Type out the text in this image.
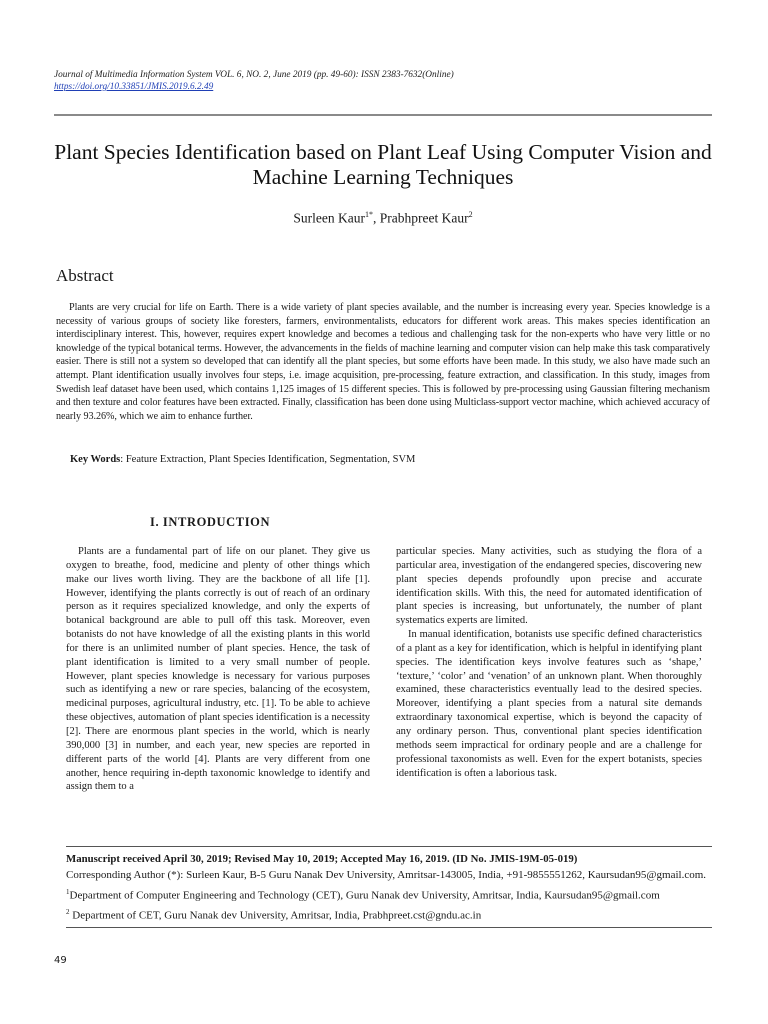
Journal of Multimedia Information System VOL. 6, NO. 2, June 2019 (pp. 49-60): ISSN 2383-7632(Online)
https://doi.org/10.33851/JMIS.2019.6.2.49
Plant Species Identification based on Plant Leaf Using Computer Vision and Machine Learning Techniques
Surleen Kaur$^{1*}$, Prabhpreet Kaur$^2$
Abstract
Plants are very crucial for life on Earth. There is a wide variety of plant species available, and the number is increasing every year. Species knowledge is a necessity of various groups of society like foresters, farmers, environmentalists, educators for different work areas. This makes species identification an interdisciplinary interest. This, however, requires expert knowledge and becomes a tedious and challenging task for the non-experts who have very little or no knowledge of the typical botanical terms. However, the advancements in the fields of machine learning and computer vision can help make this task comparatively easier. There is still not a system so developed that can identify all the plant species, but some efforts have been made. In this study, we also have made such an attempt. Plant identification usually involves four steps, i.e. image acquisition, pre-processing, feature extraction, and classification. In this study, images from Swedish leaf dataset have been used, which contains 1,125 images of 15 different species. This is followed by pre-processing using Gaussian filtering mechanism and then texture and color features have been extracted. Finally, classification has been done using Multiclass-support vector machine, which achieved accuracy of nearly 93.26%, which we aim to enhance further.
Key Words: Feature Extraction, Plant Species Identification, Segmentation, SVM
I. INTRODUCTION

Plants are a fundamental part of life on our planet. They give us oxygen to breathe, food, medicine and plenty of other things which make our lives worth living. They are the backbone of all life [1]. However, identifying the plants correctly is out of reach of an ordinary person as it requires specialized knowledge, and only the experts of botanical background are able to pull off this task. Moreover, even botanists do not have knowledge of all the existing plants in this world for there is an unlimited number of plant species. Hence, the task of plant identification is limited to a very small number of people. However, plant species knowledge is necessary for various purposes such as identifying a new or rare species, balancing of the ecosystem, medicinal purposes, agricultural industry, etc. [1]. To be able to achieve these objectives, automation of plant species identification is a necessity [2]. There are enormous plant species in the world, which is nearly 390,000 [3] in number, and each year, new species are reported in different parts of the world [4]. Plants are very different from one another, hence requiring in-depth taxonomic knowledge to identify and assign them to a

particular species. Many activities, such as studying the flora of a particular area, investigation of the endangered species, discovering new plant species depends profoundly upon precise and accurate identification skills. With this, the need for automated identification of plant species is increasing, but unfortunately, the number of plant systematics experts are limited.

In manual identification, botanists use specific defined characteristics of a plant as a key for identification, which is helpful in identifying plant species. The identification keys involve features such as ‘shape,’ ‘texture,’ ‘color’ and ‘venation’ of an unknown plant. When thoroughly examined, these characteristics eventually lead to the desired species. Moreover, identifying a plant species from a natural site demands extraordinary taxonomical expertise, which is beyond the capacity of any ordinary person. Thus, conventional plant species identification methods seem impractical for ordinary people and are a challenge for professional taxonomists as well. Even for the expert botanists, species identification is often a laborious task.

Manuscript received April 30, 2019; Revised May 10, 2019; Accepted May 16, 2019. (ID No. JMIS-19M-05-019)
Corresponding Author (*): Surleen Kaur, B-5 Guru Nanak Dev University, Amritsar-143005, India, +91-9855551262, Kaursudan95@gmail.com.
$^1$Department of Computer Engineering and Technology (CET), Guru Nanak dev University, Amritsar, India, Kaursudan95@gmail.com
$^2$ Department of CET, Guru Nanak dev University, Amritsar, India, Prabhpreet.cst@gndu.ac.in
49
